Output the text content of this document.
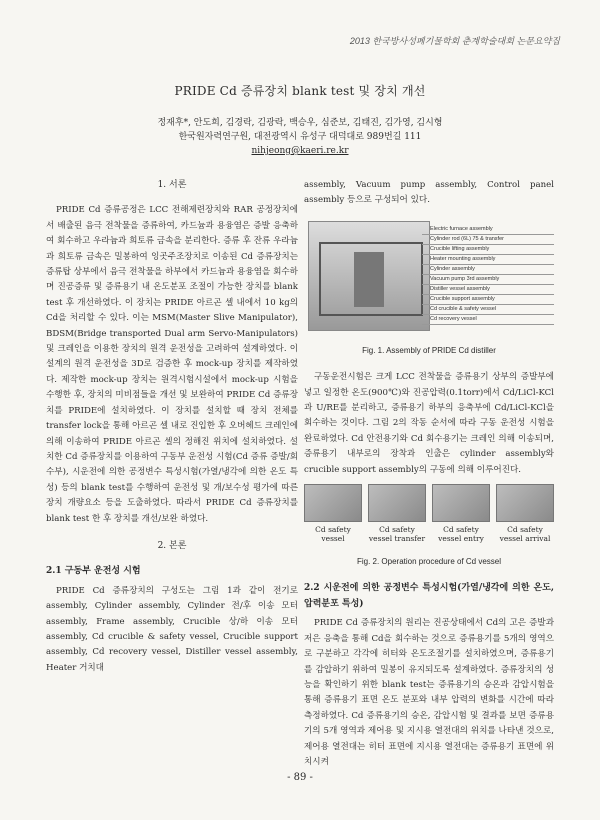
2013 한국방사성폐기물학회 춘계학술대회 논문요약집
PRIDE Cd 증류장치 blank test 및 장치 개선
정재후*, 안도희, 김경락, 김광락, 백승우, 심준보, 김태진, 김가영, 김시형
한국원자력연구원, 대전광역시 유성구 대덕대로 989번길 111
nihjeong@kaeri.re.kr
1. 서론

PRIDE Cd 증류공정은 LCC 전해제련장치와 RAR 공정장치에서 배출된 음극 전착물을 증류하여, 카드늄과 용융염은 증발 응축하여 회수하고 우라늄과 희토류 금속을 분리한다. 증류 후 잔류 우라늄과 희토류 금속은 밀봉하여 잉곳주조장치로 이송된 Cd 증류장치는 증류탑 상부에서 음극 전착물을 하부에서 카드늄과 용융염을 회수하며 진공증류 및 증류용기 내 온도분포 조절이 가능한 장치를 blank test 후 개선하였다. 이 장치는 PRIDE 아르곤 셀 내에서 10 kg의 Cd을 처리할 수 있다. 이는 MSM(Master Slive Manipulator), BDSM(Bridge transported Dual arm Servo-Manipulators) 및 크레인을 이용한 장치의 원격 운전성을 고려하여 설계하였다. 이 설계의 원격 운전성을 3D로 검증한 후 mock-up 장치를 제작하였다. 제작한 mock-up 장치는 원격시험시설에서 mock-up 시험을 수행한 후, 장치의 미비점들을 개선 및 보완하여 PRIDE Cd 증류장치를 PRIDE에 설치하였다. 이 장치를 설치할 때 장치 전체를 transfer lock을 통해 아르곤 셀 내로 진입한 후 오버헤드 크레인에 의해 이송하여 PRIDE 아르곤 셀의 정해진 위치에 설치하였다. 설치한 Cd 증류장치를 이용하여 구동부 운전성 시험(Cd 증류 증발/회수부), 시운전에 의한 공정변수 특성시험(가열/냉각에 의한 온도 특성) 등의 blank test를 수행하여 운전성 및 개/보수성 평가에 따른 장치 개량요소 등을 도출하였다. 따라서 PRIDE Cd 증류장치를 blank test 한 후 장치를 개선/보완 하였다.

2. 본론
2.1 구동부 운전성 시험

PRIDE Cd 증류장치의 구성도는 그림 1과 같이 전기로 assembly, Cylinder assembly, Cylinder 전/후 이송 모터 assembly, Frame assembly, Crucible 상/하 이송 모터 assembly, Cd crucible & safety vessel, Crucible support assembly, Cd recovery vessel, Distiller vessel assembly, Heater 거치대

assembly, Vacuum pump assembly, Control panel assembly 등으로 구성되어 있다.

Electric furnace assembly
Cylinder rod (6L) 75 & transfer
Crucible lifting assembly
Heater mounting assembly
Cylinder assembly
Vacuum pump 3rd assembly
Distiller vessel assembly
Crucible support assembly
Cd crucible & safety vessel
Cd recovery vessel
Fig. 1. Assembly of PRIDE Cd distiller

구동운전시험은 크게 LCC 전착물을 증류용기 상부의 증발부에 넣고 일정한 온도(900℃)와 진공압력(0.1torr)에서 Cd/LiCl-KCl과 U/RE를 분리하고, 증류용기 하부의 응축부에 Cd/LiCl-KCl을 회수하는 것이다. 그림 2의 작동 순서에 따라 구동 운전성 시험을 완료하였다. Cd 안전용기와 Cd 회수용기는 크레인 의해 이송되며, 증류용기 내부로의 장착과 인출은 cylinder assembly와 crucible support assembly의 구동에 의해 이루어진다.

Cd safety vessel
Cd safety vessel transfer
Cd safety vessel entry
Cd safety vessel arrival
Fig. 2. Operation procedure of Cd vessel
2.2 시운전에 의한 공정변수 특성시험(가열/냉각에 의한 온도, 압력분포 특성)

PRIDE Cd 증류장치의 원리는 진공상태에서 Cd의 고은 증발과 저은 응축을 통해 Cd을 회수하는 것으로 증류용기를 5개의 영역으로 구분하고 각각에 히터와 온도조절기를 설치하였으며, 증류용기를 감압하기 위하여 밀봉이 유지되도록 설계하였다. 증류장치의 성능을 확인하기 위한 blank test는 증류용기의 승온과 감압시험을 통해 증류용기 표면 온도 분포와 내부 압력의 변화를 시간에 따라 측정하였다. Cd 증류용기의 승온, 감압시험 및 결과를 보면 증류용기의 5개 영역과 제어용 및 지시용 열전대의 위치를 나타낸 것으로, 제어용 열전대는 히터 표면에 지시용 열전대는 증류용기 표면에 위치시켜

- 89 -
